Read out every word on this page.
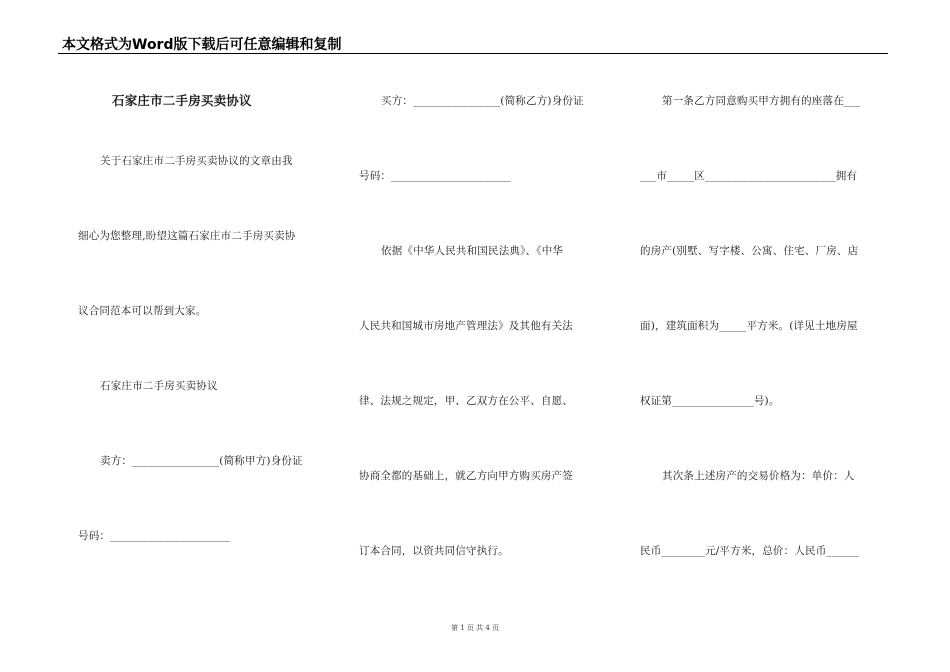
本文格式为Word版下载后可任意编辑和复制
石家庄市二手房买卖协议
关于石家庄市二手房买卖协议的文章由我
细心为您整理,盼望这篇石家庄市二手房买卖协
议合同范本可以帮到大家。
石家庄市二手房买卖协议
卖方：________________(简称甲方)身份证
号码：______________________
买方：________________(简称乙方)身份证
号码：______________________
依据《中华人民共和国民法典》、《中华
人民共和国城市房地产管理法》及其他有关法
律、法规之规定，甲、乙双方在公平、自愿、
协商全都的基础上，就乙方向甲方购买房产签
订本合同，以资共同信守执行。
第一条乙方同意购买甲方拥有的座落在___
___市_____区________________________拥有
的房产(别墅、写字楼、公寓、住宅、厂房、店
面)，建筑面积为_____平方米。(详见土地房屋
权证第_______________号)。
其次条上述房产的交易价格为：单价：人
民币________元/平方米，总价：人民币______
第 1 页 共 4 页
